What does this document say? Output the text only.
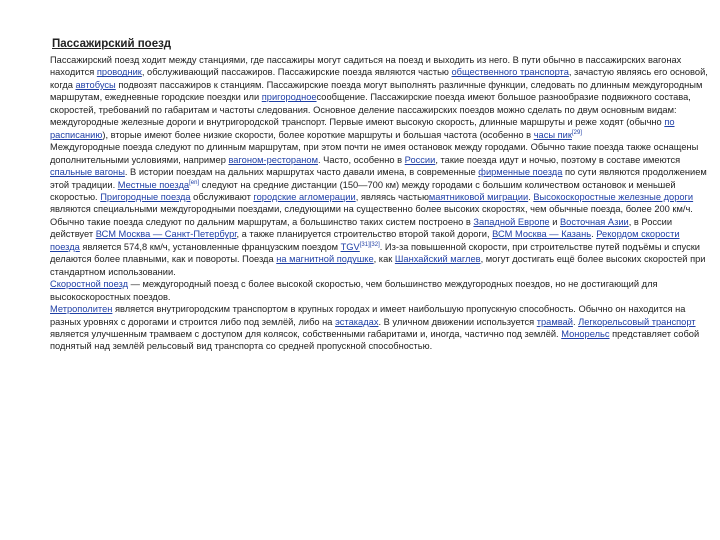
Пассажирский поезд

Пассажирский поезд ходит между станциями, где пассажиры могут садиться на поезд и выходить из него. В пути обычно в пассажирских вагонах находится проводник, обслуживающий пассажиров. Пассажирские поезда являются частью общественного транспорта, зачастую являясь его основой, когда автобусы подвозят пассажиров к станциям. Пассажирские поезда могут выполнять различные функции, следовать по длинным междугородным маршрутам, ежедневные городские поездки или пригородноесообщение. Пассажирские поезда имеют большое разнообразие подвижного состава, скоростей, требований по габаритам и частоты следования. Основное деление пассажирских поездов можно сделать по двум основным видам: междугородные железные дороги и внутригородской транспорт. Первые имеют высокую скорость, длинные маршруты и реже ходят (обычно по расписанию), вторые имеют более низкие скорости, более короткие маршруты и большая частота (особенно в часы пик[29]

Междугородные поезда следуют по длинным маршрутам, при этом почти не имея остановок между городами. Обычно такие поезда также оснащены дополнительными условиями, например вагоном-рестораном. Часто, особенно в России, такие поезда идут и ночью, поэтому в составе имеются спальные вагоны. В истории поездам на дальних маршрутах часто давали имена, в современные фирменные поезда по сути являются продолжением этой традиции. Местные поезда[en] следуют на средние дистанции (150—700 км) между городами с большим количеством остановок и меньшей скоростью. Пригородные поезда обслуживают городские агломерации, являясь частьюмаятниковой миграции. Высокоскоростные железные дороги являются специальными междугородными поездами, следующими на существенно более высоких скоростях, чем обычные поезда, более 200 км/ч. Обычно такие поезда следуют по дальним маршрутам, а большинство таких систем построено в Западной Европе и Восточная Азии, в России действует ВСМ Москва — Санкт-Петербург, а также планируется строительство второй такой дороги, ВСМ Москва — Казань. Рекордом скорости поезда является 574,8 км/ч, установленные французским поездом TGV[31][32]. Из-за повышенной скорости, при строительстве путей подъёмы и спуски делаются более плавными, как и повороты. Поезда на магнитной подушке, как Шанхайский маглев, могут достигать ещё более высоких скоростей при стандартном использовании.

Скоростной поезд — междугородный поезд с более высокой скоростью, чем большинство междугородных поездов, но не достигающий для высокоскоростных поездов.

Метрополитен является внутригородским транспортом в крупных городах и имеет наибольшую пропускную способность. Обычно он находится на разных уровнях с дорогами и строится либо под землёй, либо на эстакадах. В уличном движении используется трамвай. Легкорельсовый транспорт является улучшенным трамваем с доступом для колясок, собственными габаритами и, иногда, частично под землёй. Монорельс представляет собой поднятый над землёй рельсовый вид транспорта со средней пропускной способностью.
